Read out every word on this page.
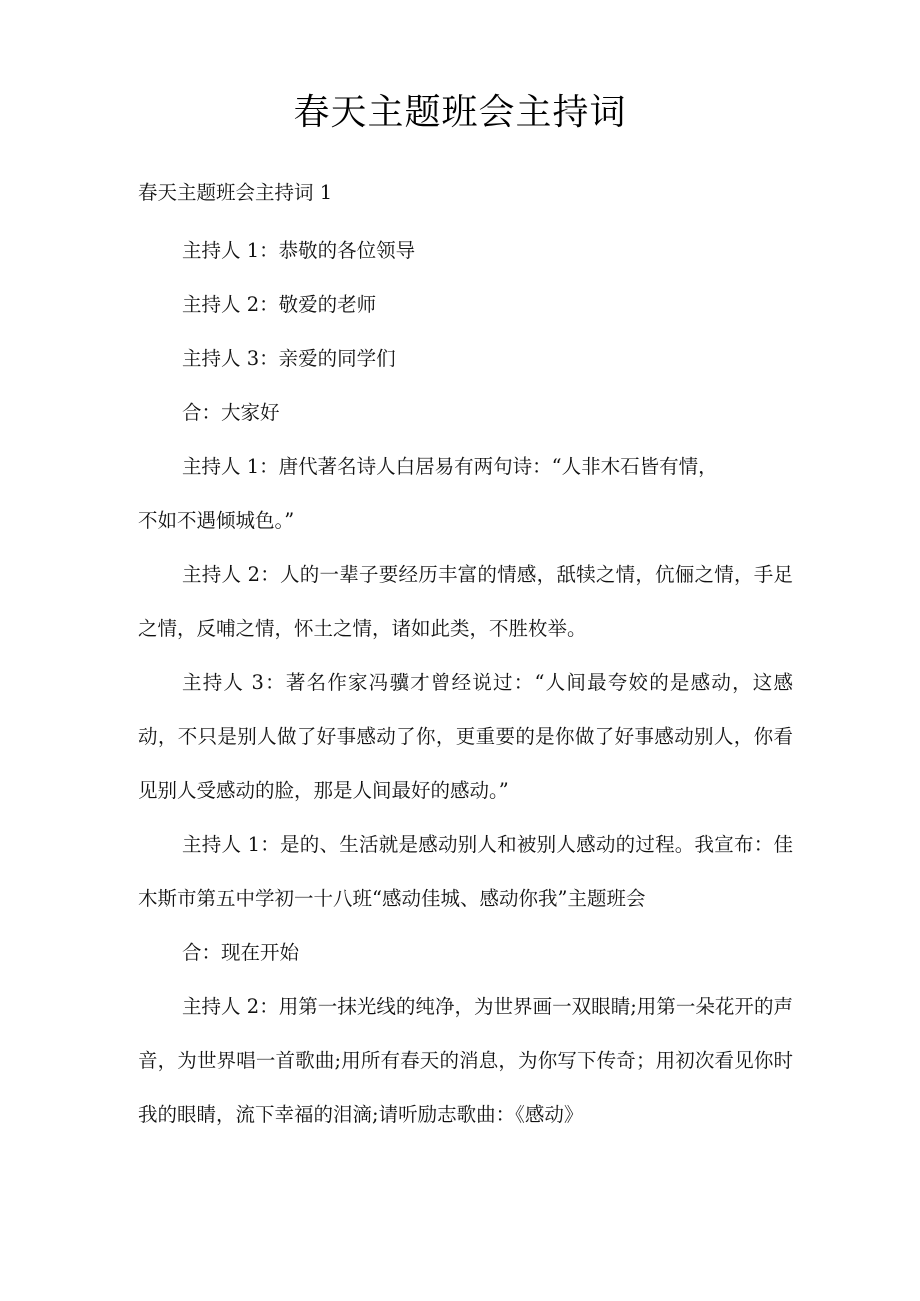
春天主题班会主持词

春天主题班会主持词 1

主持人 1：恭敬的各位领导

主持人 2：敬爱的老师

主持人 3：亲爱的同学们

合：大家好

主持人 1：唐代著名诗人白居易有两句诗：“人非木石皆有情，

不如不遇倾城色。”

主持人 2：人的一辈子要经历丰富的情感，舐犊之情，伉俪之情，手足之情，反哺之情，怀土之情，诸如此类，不胜枚举。

主持人 3：著名作家冯骥才曾经说过：“人间最夸姣的是感动，这感动，不只是别人做了好事感动了你，更重要的是你做了好事感动别人，你看见别人受感动的脸，那是人间最好的感动。”

主持人 1：是的、生活就是感动别人和被别人感动的过程。我宣布：佳木斯市第五中学初一十八班“感动佳城、感动你我”主题班会

合：现在开始

主持人 2：用第一抹光线的纯净，为世界画一双眼睛;用第一朵花开的声音，为世界唱一首歌曲;用所有春天的消息，为你写下传奇；用初次看见你时我的眼睛，流下幸福的泪滴;请听励志歌曲：《感动》
